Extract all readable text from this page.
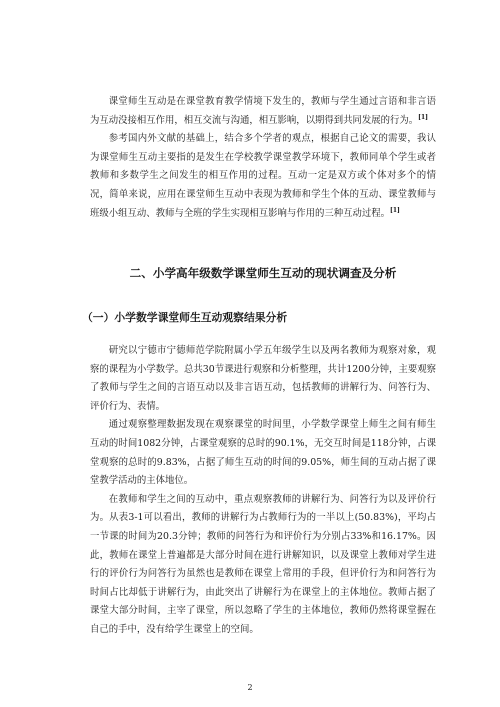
课堂师生互动是在课堂教育教学情境下发生的，教师与学生通过言语和非言语为互动没接相互作用，相互交流与沟通，相互影响，以期得到共同发展的行为。[1]

参考国内外文献的基础上，结合多个学者的观点，根据自己论文的需要，我认为课堂师生互动主要指的是发生在学校教学课堂教学环境下，教师同单个学生或者教师和多数学生之间发生的相互作用的过程。互动一定是双方或个体对多个的情况，简单来说，应用在课堂师生互动中表现为教师和学生个体的互动、课堂教师与班级小组互动、教师与全班的学生实现相互影响与作用的三种互动过程。[1]

二、小学高年级数学课堂师生互动的现状调查及分析
（一）小学数学课堂师生互动观察结果分析

研究以宁德市宁德师范学院附属小学五年级学生以及两名教师为观察对象，观察的课程为小学数学。总共30节课进行观察和分析整理，共计1200分钟，主要观察了教师与学生之间的言语互动以及非言语互动，包括教师的讲解行为、问答行为、评价行为、表情。

通过观察整理数据发现在观察课堂的时间里，小学数学课堂上师生之间有师生互动的时间1082分钟，占课堂观察的总时的90.1%，无交互时间是118分钟，占课堂观察的总时的9.83%，占据了师生互动的时间的9.05%，师生间的互动占据了课堂教学活动的主体地位。

在教师和学生之间的互动中，重点观察教师的讲解行为、问答行为以及评价行为。从表3-1可以看出，教师的讲解行为占教师行为的一半以上(50.83%)，平均占一节课的时间为20.3分钟；教师的问答行为和评价行为分别占33%和16.17%。因此，教师在课堂上普遍都是大部分时间在进行讲解知识，以及课堂上教师对学生进行的评价行为问答行为虽然也是教师在课堂上常用的手段，但评价行为和问答行为时间占比却低于讲解行为，由此突出了讲解行为在课堂上的主体地位。教师占据了课堂大部分时间，主宰了课堂，所以忽略了学生的主体地位，教师仍然将课堂握在自己的手中，没有给学生课堂上的空间。

2
